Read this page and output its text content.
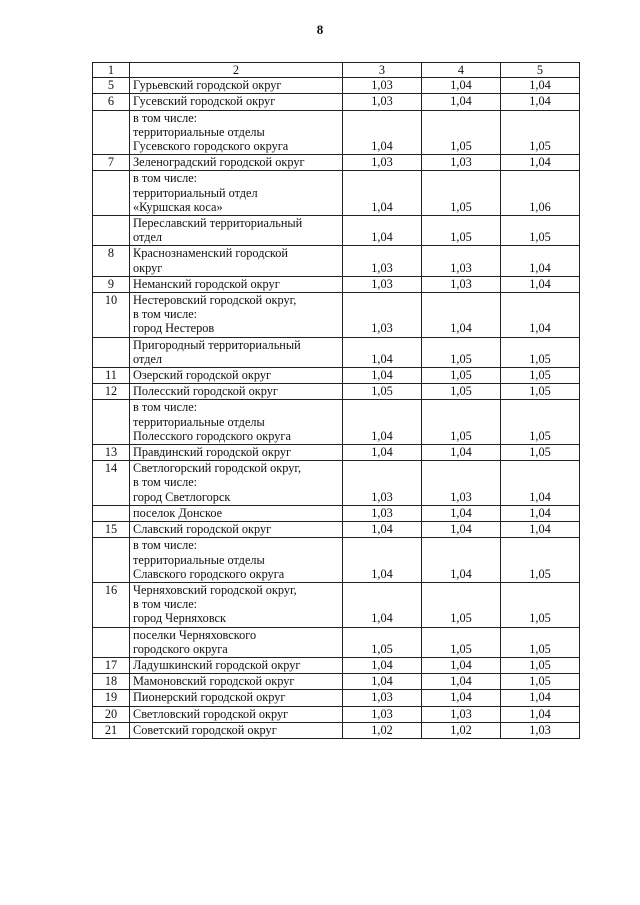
8
1	2	3	4	5
5	Гурьевский городской округ	1,03	1,04	1,04
6	Гусевский городской округ	1,03	1,04	1,04

	в том числе:
территориальные отделы
Гусевского городского округа	1,04	1,05	1,05
7	Зеленоградский городской округ	1,03	1,03	1,04

	в том числе:
территориальный отдел
«Куршская коса»	1,04	1,05	1,06

	Переславский территориальный
отдел	1,04	1,05	1,05
8	Краснознаменский городской
округ	1,03	1,03	1,04
9	Неманский городской округ	1,03	1,03	1,04
10	Нестеровский городской округ,
в том числе:
город Нестеров	1,03	1,04	1,04

	Пригородный территориальный
отдел	1,04	1,05	1,05
11	Озерский городской округ	1,04	1,05	1,05
12	Полесский городской округ	1,05	1,05	1,05

	в том числе:
территориальные отделы
Полесского городского округа	1,04	1,05	1,05
13	Правдинский городской округ	1,04	1,04	1,05
14	Светлогорский городской округ,
в том числе:
город Светлогорск	1,03	1,03	1,04

	поселок Донское	1,03	1,04	1,04
15	Славский городской округ	1,04	1,04	1,04

	в том числе:
территориальные отделы
Славского городского округа	1,04	1,04	1,05
16	Черняховский городской округ,
в том числе:
город Черняховск	1,04	1,05	1,05

	поселки Черняховского
городского округа	1,05	1,05	1,05
17	Ладушкинский городской округ	1,04	1,04	1,05
18	Мамоновский городской округ	1,04	1,04	1,05
19	Пионерский городской округ	1,03	1,04	1,04
20	Светловский городской округ	1,03	1,03	1,04
21	Советский городской округ	1,02	1,02	1,03
